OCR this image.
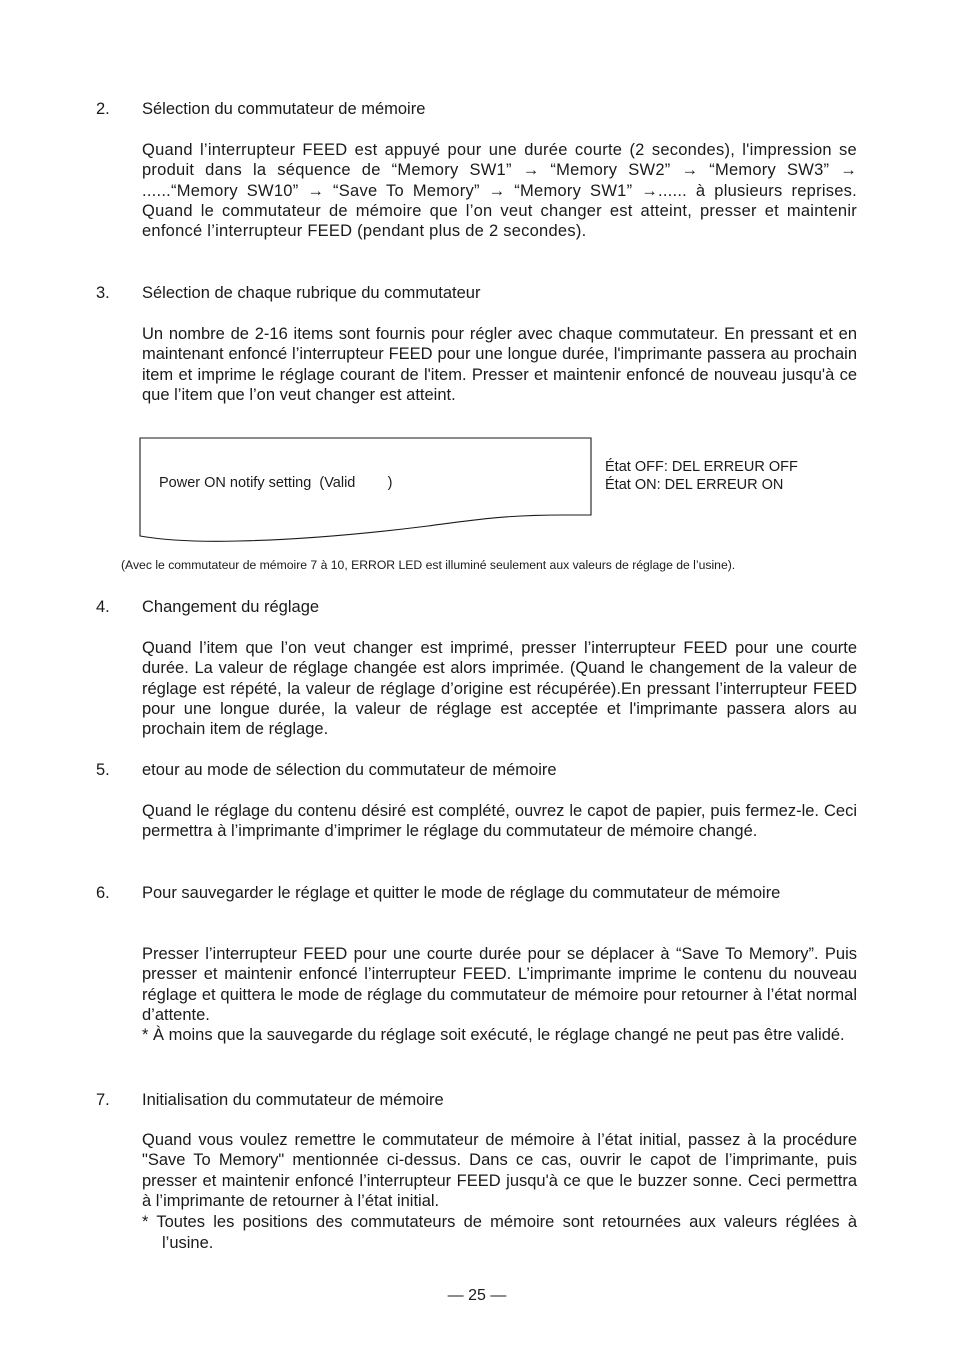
2. Sélection du commutateur de mémoire
Quand l’interrupteur FEED est appuyé pour une durée courte (2 secondes), l'impression se produit dans la séquence de “Memory SW1” → “Memory SW2” → “Memory SW3” → ......“Memory SW10” → “Save To Memory” → “Memory SW1” →...... à plusieurs reprises. Quand le commutateur de mémoire que l’on veut changer est atteint, presser et maintenir enfoncé l’interrupteur FEED (pendant plus de 2 secondes).
3. Sélection de chaque rubrique du commutateur
Un nombre de 2-16 items sont fournis pour régler avec chaque commutateur. En pressant et en maintenant enfoncé l’interrupteur FEED pour une longue durée, l'imprimante passera au prochain item et imprime le réglage courant de l'item. Presser et maintenir enfoncé de nouveau jusqu'à ce que l’item que l’on veut changer est atteint.
Power ON notify setting  (Valid        )
État OFF: DEL ERREUR OFF
État ON: DEL ERREUR ON
(Avec le commutateur de mémoire 7 à 10, ERROR LED est illuminé seulement aux valeurs de réglage de l’usine).
4. Changement du réglage
Quand l’item que l’on veut changer est imprimé, presser l’interrupteur FEED pour une courte durée. La valeur de réglage changée est alors imprimée. (Quand le changement de la valeur de réglage est répété, la valeur de réglage d’origine est récupérée).En pressant l’interrupteur FEED pour une longue durée, la valeur de réglage est acceptée et l'imprimante passera alors au prochain item de réglage.
5. etour au mode de sélection du commutateur de mémoire
Quand le réglage du contenu désiré est complété, ouvrez le capot de papier, puis fermez-le. Ceci permettra à l’imprimante d’imprimer le réglage du commutateur de mémoire changé.
6. Pour sauvegarder le réglage et quitter le mode de réglage du commutateur de mémoire
Presser l’interrupteur FEED pour une courte durée pour se déplacer à “Save To Memory”. Puis presser et maintenir enfoncé l’interrupteur FEED. L’imprimante imprime le contenu du nouveau réglage et quittera le mode de réglage du commutateur de mémoire pour retourner à l’état normal d’attente.
* À moins que la sauvegarde du réglage soit exécuté, le réglage changé ne peut pas être validé.
7. Initialisation du commutateur de mémoire
Quand vous voulez remettre le commutateur de mémoire à l’état initial, passez à la procédure "Save To Memory" mentionnée ci-dessus. Dans ce cas, ouvrir le capot de l’imprimante, puis presser et maintenir enfoncé l’interrupteur FEED jusqu'à ce que le buzzer sonne. Ceci permettra à l’imprimante de retourner à l’état initial.
* Toutes les positions des commutateurs de mémoire sont retournées aux valeurs réglées à l’usine.
— 25 —
